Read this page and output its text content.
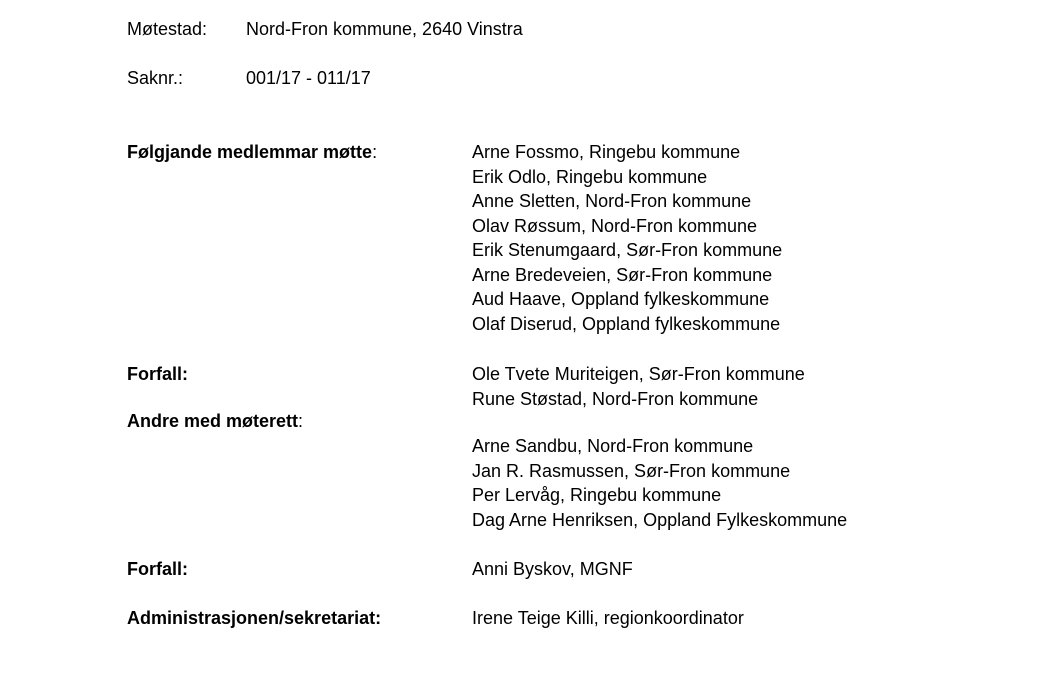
Møtestad: Nord-Fron kommune, 2640 Vinstra
Saknr.:	001/17 - 011/17
Følgjande medlemmar møtte:	Arne Fossmo, Ringebu kommune
Erik Odlo, Ringebu kommune
Anne Sletten, Nord-Fron kommune
Olav Røssum, Nord-Fron kommune
Erik Stenumgaard, Sør-Fron kommune
Arne Bredeveien, Sør-Fron kommune
Aud Haave, Oppland fylkeskommune
Olaf Diserud, Oppland fylkeskommune
Forfall:	Ole Tvete Muriteigen, Sør-Fron kommune
Rune Støstad, Nord-Fron kommune
Andre med møterett:
Arne Sandbu, Nord-Fron kommune
Jan R. Rasmussen, Sør-Fron kommune
Per Lervåg, Ringebu kommune
Dag Arne Henriksen, Oppland Fylkeskommune
Forfall:	Anni Byskov, MGNF
Administrasjonen/sekretariat:	Irene Teige Killi, regionkoordinator
